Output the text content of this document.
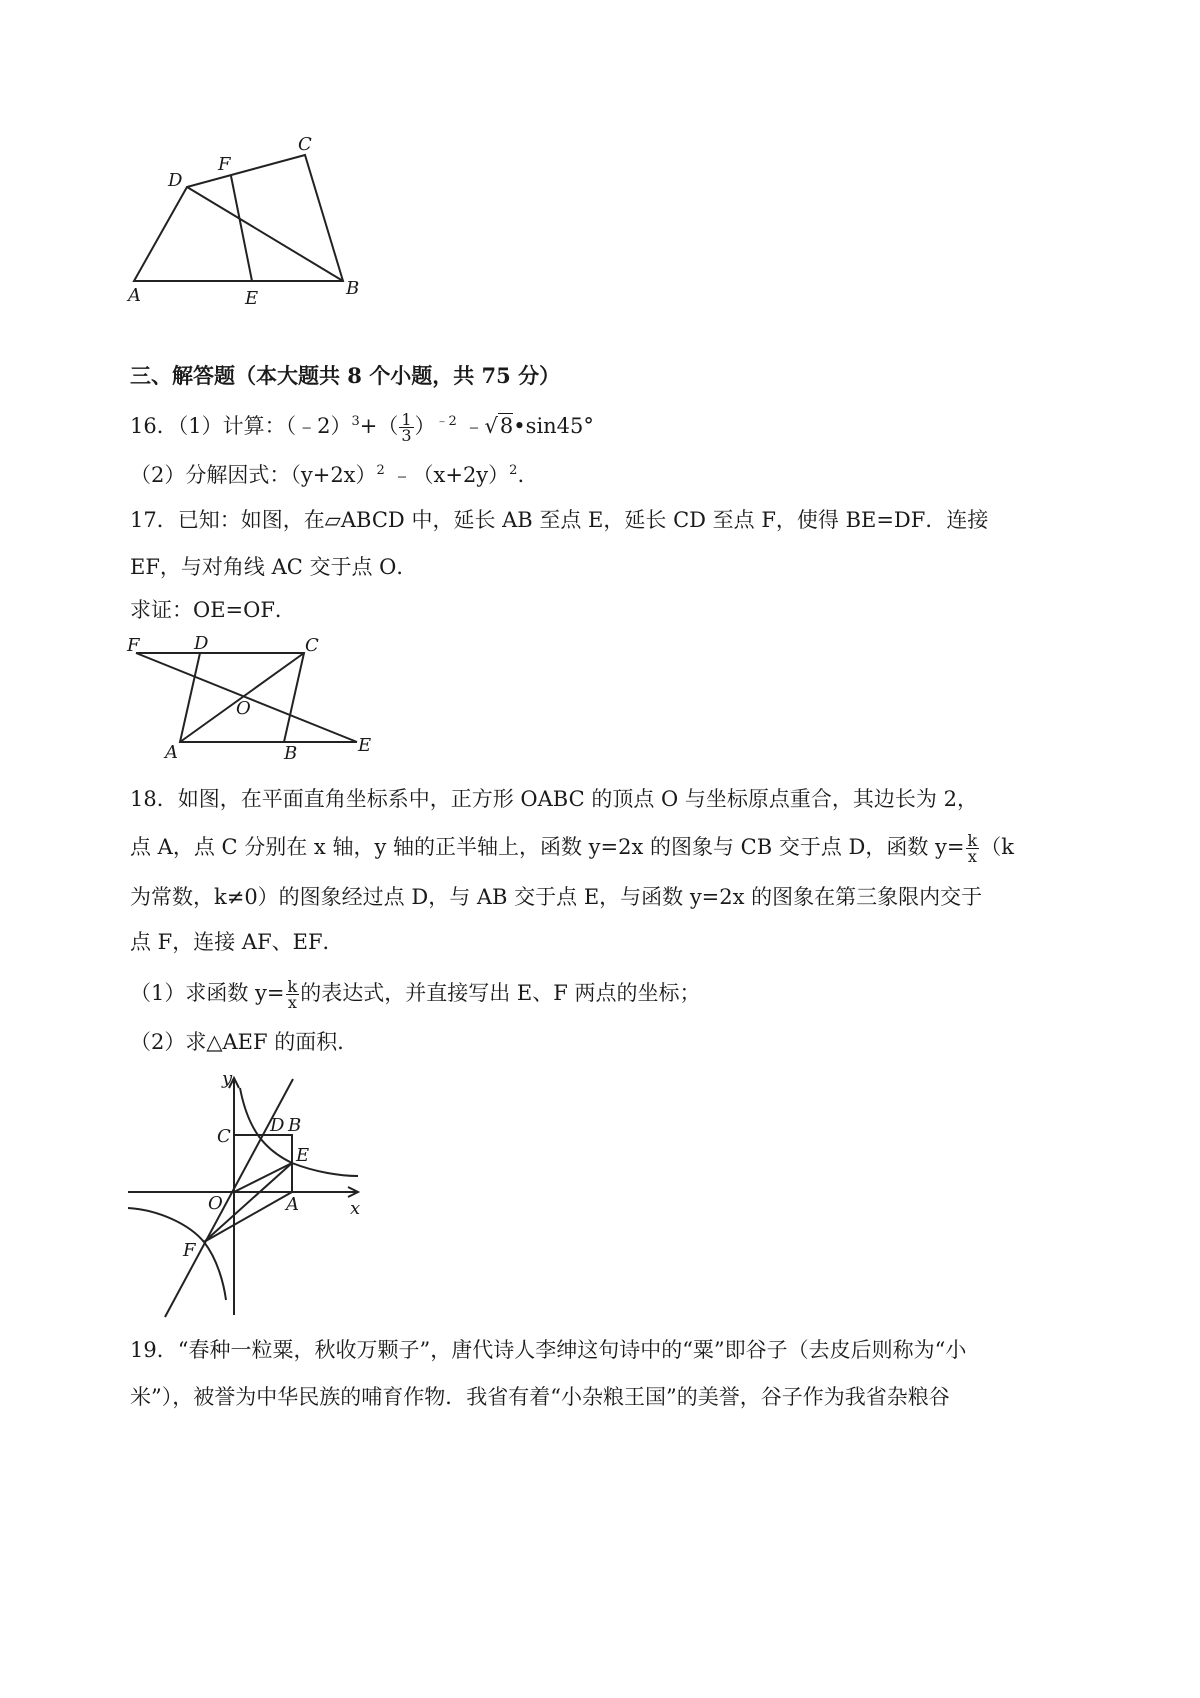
C
F
D
A	E	B
三、解答题（本大题共 8 个小题，共 75 分）
16．（1）计算：（﹣2）$^3$+（ $\frac{1}{3} )^{﹣2}$ ﹣√8•sin45°
（2）分解因式：$(y+2x)^2$ $﹣(x+2y)^2$.
17．已知：如图，在▱ABCD 中，延长 AB 至点 E，延长 CD 至点 F，使得 BE=DF．连接
EF，与对角线 AC 交于点 O．
求证：OE=OF．
F	D	C
O
A	B	E
18．如图，在平面直角坐标系中，正方形 OABC 的顶点 O 与坐标原点重合，其边长为 2，
点 A，点 C 分别在 x 轴，y 轴的正半轴上，函数 y=2x 的图象与 CB 交于点 D，函数 $y= \frac{k}{x} (k$
为常数，k≠0）的图象经过点 D，与 AB 交于点 E，与函数 y=2x 的图象在第三象限内交于
点 F，连接 AF、EF．
（1）求函数 $y= \frac{k}{x}$ 的表达式，并直接写出 E、F 两点的坐标；
（2）求△AEF 的面积．
y
x
C
D B
E
O	A
F
19．“春种一粒粟，秋收万颗子”，唐代诗人李绅这句诗中的“粟”即谷子（去皮后则称为“小
米”），被誉为中华民族的哺育作物．我省有着“小杂粮王国”的美誉，谷子作为我省杂粮谷
